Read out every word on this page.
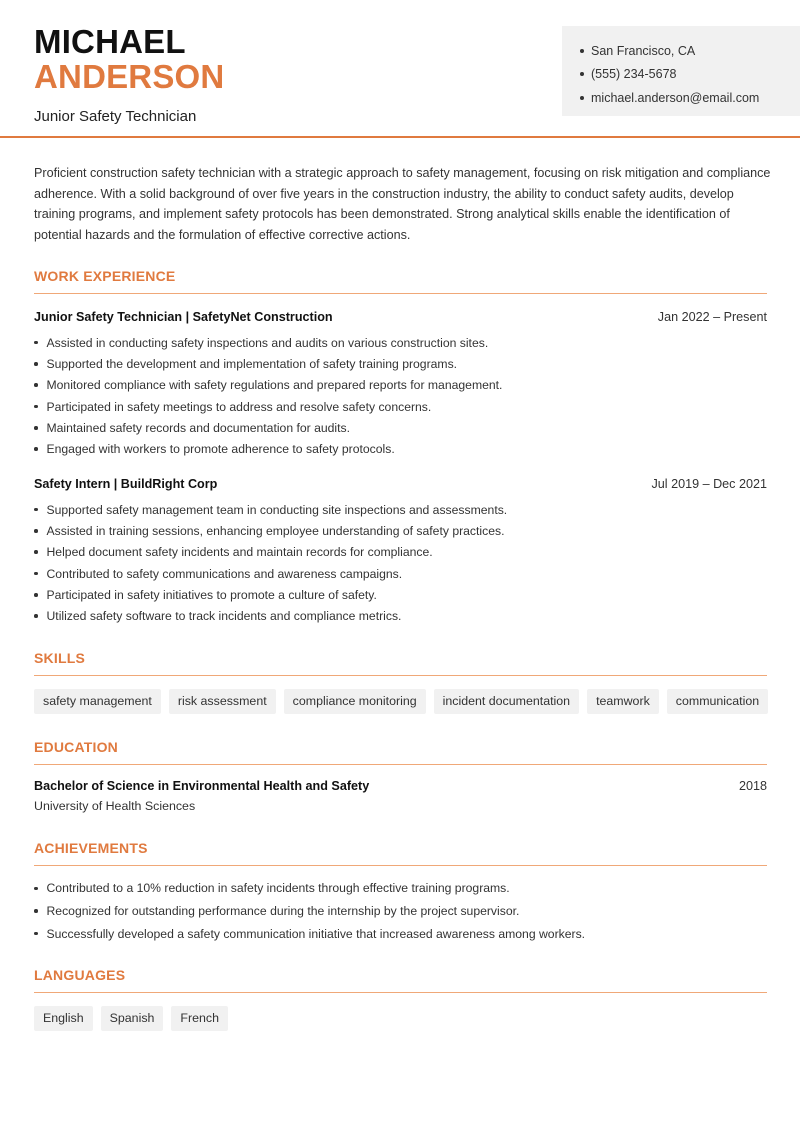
MICHAEL
ANDERSON
Junior Safety Technician
San Francisco, CA
(555) 234-5678
michael.anderson@email.com

Proficient construction safety technician with a strategic approach to safety management, focusing on risk mitigation and compliance adherence. With a solid background of over five years in the construction industry, the ability to conduct safety audits, develop training programs, and implement safety protocols has been demonstrated. Strong analytical skills enable the identification of potential hazards and the formulation of effective corrective actions.

WORK EXPERIENCE
Junior Safety Technician | SafetyNet Construction	Jan 2022 – Present
Assisted in conducting safety inspections and audits on various construction sites.
Supported the development and implementation of safety training programs.
Monitored compliance with safety regulations and prepared reports for management.
Participated in safety meetings to address and resolve safety concerns.
Maintained safety records and documentation for audits.
Engaged with workers to promote adherence to safety protocols.
Safety Intern | BuildRight Corp	Jul 2019 – Dec 2021
Supported safety management team in conducting site inspections and assessments.
Assisted in training sessions, enhancing employee understanding of safety practices.
Helped document safety incidents and maintain records for compliance.
Contributed to safety communications and awareness campaigns.
Participated in safety initiatives to promote a culture of safety.
Utilized safety software to track incidents and compliance metrics.
SKILLS
safety management	risk assessment	compliance monitoring	incident documentation	teamwork	communication
EDUCATION
Bachelor of Science in Environmental Health and Safety	2018
University of Health Sciences
ACHIEVEMENTS
Contributed to a 10% reduction in safety incidents through effective training programs.
Recognized for outstanding performance during the internship by the project supervisor.
Successfully developed a safety communication initiative that increased awareness among workers.
LANGUAGES
English	Spanish	French
